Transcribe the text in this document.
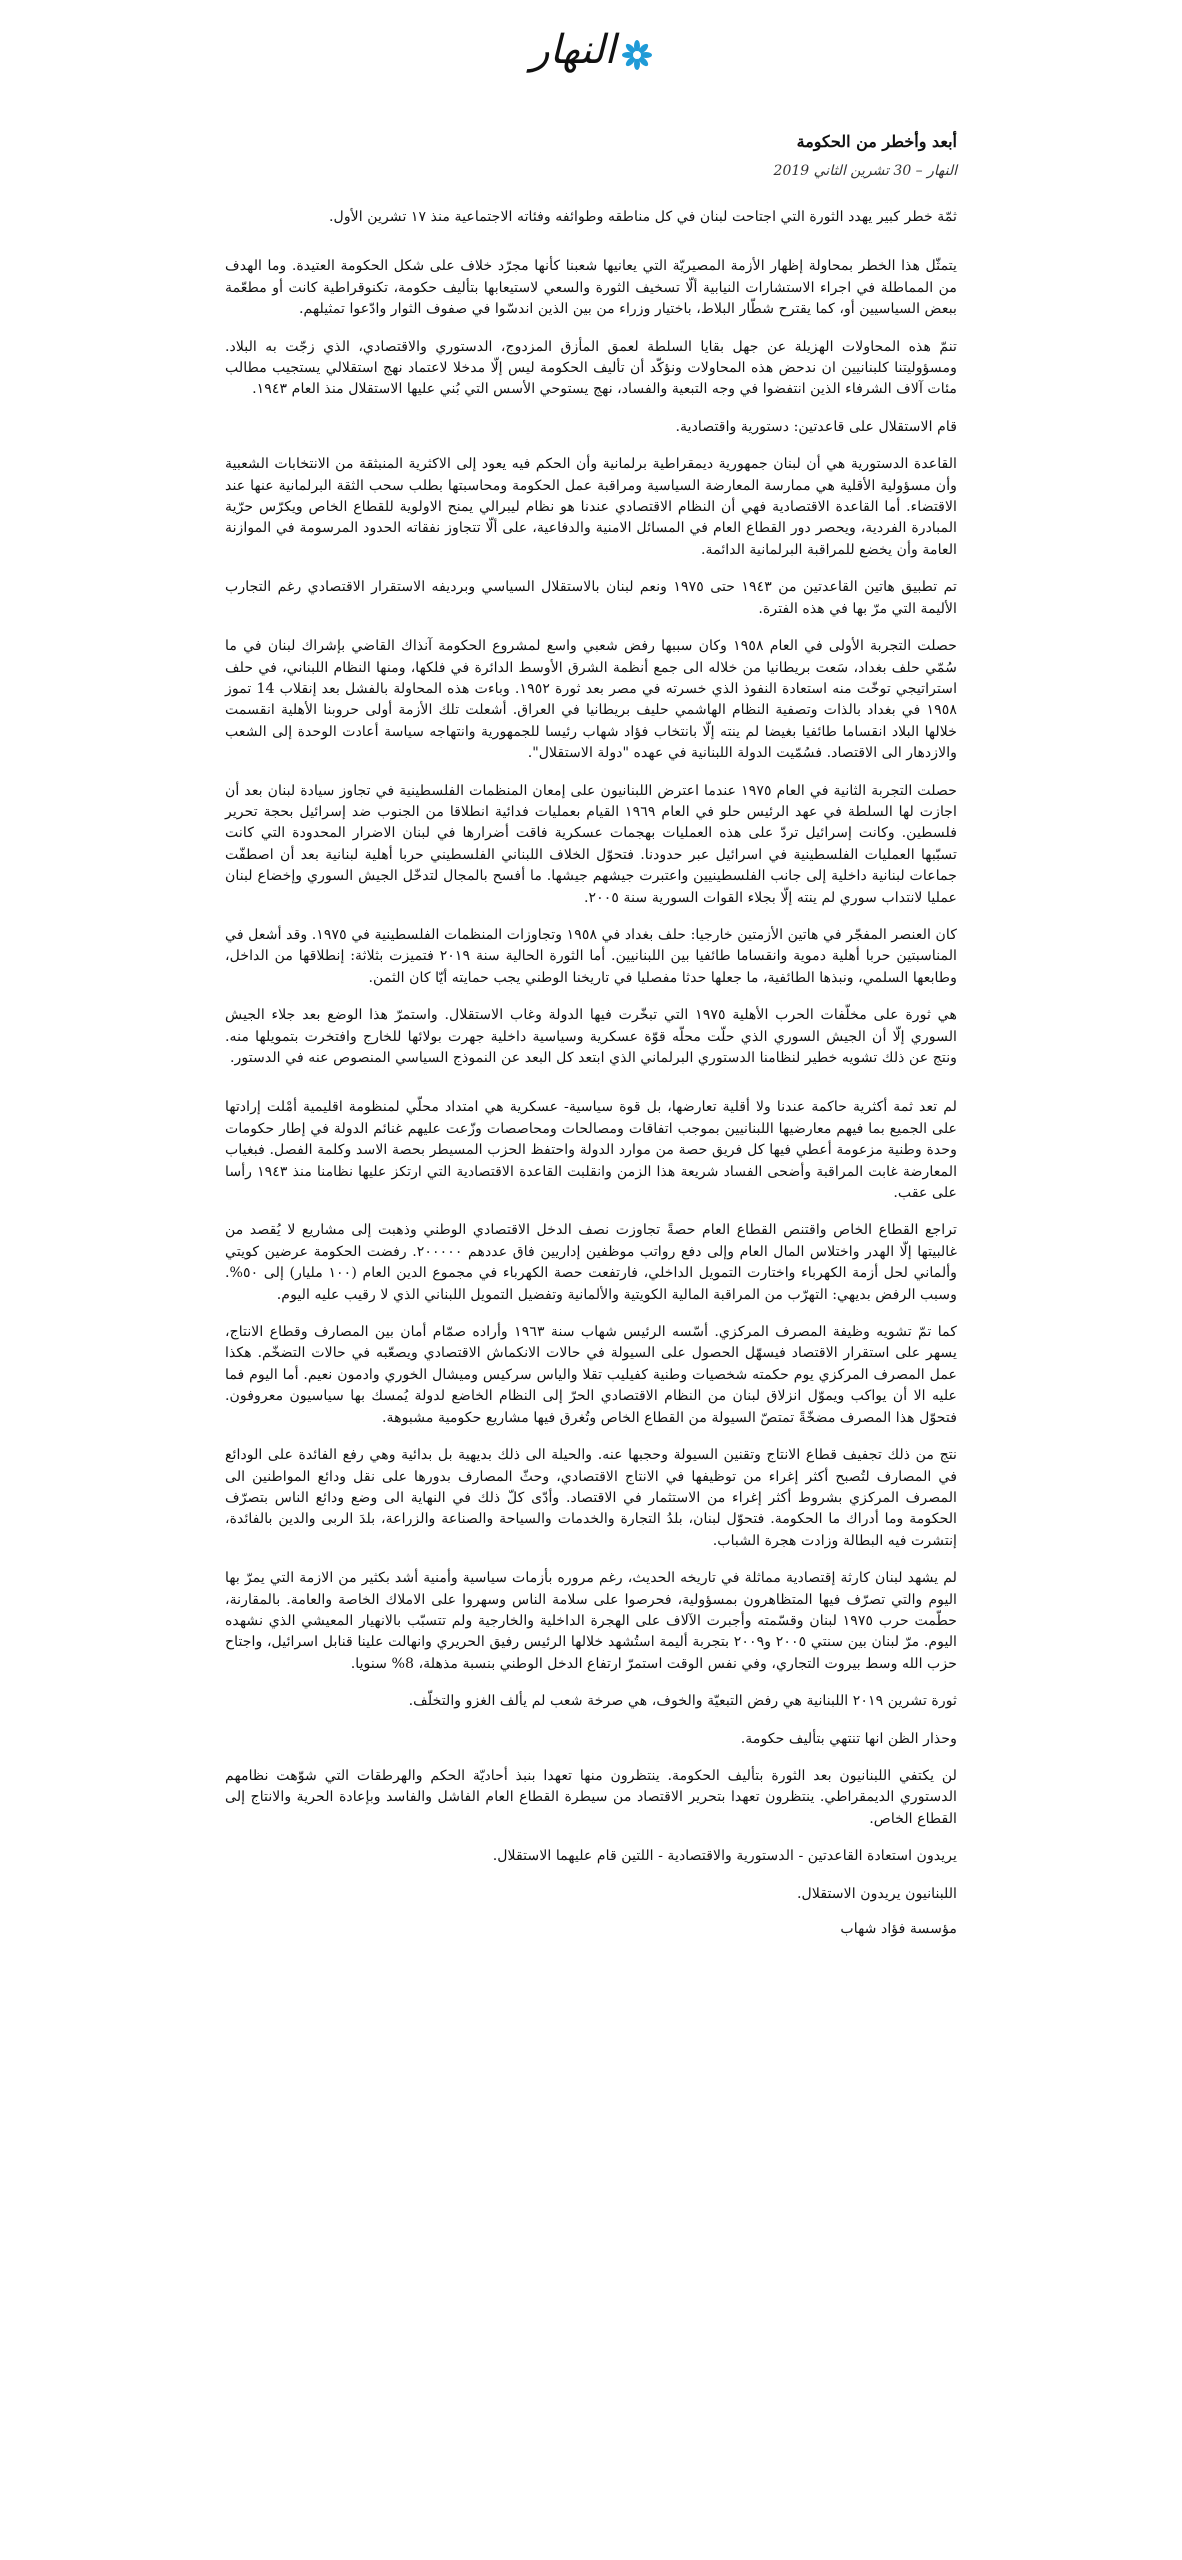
النهار
أبعد وأخطر من الحكومة
النهار – 30 تشرين الثاني 2019

ثمّة خطر كبير يهدد الثورة التي اجتاحت لبنان في كل مناطقه وطوائفه وفئاته الاجتماعية منذ ١٧ تشرين الأول.

يتمثّل هذا الخطر بمحاولة إظهار الأزمة المصيريّة التي يعانيها شعبنا كأنها مجرّد خلاف على شكل الحكومة العتيدة. وما الهدف من المماطلة في اجراء الاستشارات النيابية ألّا تسخيف الثورة والسعي لاستيعابها بتأليف حكومة، تكنوقراطية كانت أو مطعّمة ببعض السياسيين أو، كما يقترح شطّار البلاط، باختيار وزراء من بين الذين اندسّوا في صفوف الثوار وادّعوا تمثيلهم.

تنمّ هذه المحاولات الهزيلة عن جهل بقايا السلطة لعمق المأزق المزدوج، الدستوري والاقتصادي، الذي زجّت به البلاد. ومسؤوليتنا كلبنانيين ان ندحض هذه المحاولات ونؤكّد أن تأليف الحكومة ليس إلّا مدخلا لاعتماد نهج استقلالي يستجيب مطالب مئات آلاف الشرفاء الذين انتفضوا في وجه التبعية والفساد، نهج يستوحي الأسس التي بُني عليها الاستقلال منذ العام ١٩٤٣.

قام الاستقلال على قاعدتين: دستورية واقتصادية.

القاعدة الدستورية هي أن لبنان جمهورية ديمقراطية برلمانية وأن الحكم فيه يعود إلى الاكثرية المنبثقة من الانتخابات الشعبية وأن مسؤولية الأقلية هي ممارسة المعارضة السياسية ومراقبة عمل الحكومة ومحاسبتها بطلب سحب الثقة البرلمانية عنها عند الاقتضاء. أما القاعدة الاقتصادية فهي أن النظام الاقتصادي عندنا هو نظام ليبرالي يمنح الاولوية للقطاع الخاص ويكرّس حرّية المبادرة الفردية، ويحصر دور القطاع العام في المسائل الامنية والدفاعية، على ألّا تتجاوز نفقاته الحدود المرسومة في الموازنة العامة وأن يخضع للمراقبة البرلمانية الدائمة.

تم تطبيق هاتين القاعدتين من ١٩٤٣ حتى ١٩٧٥ ونعم لبنان بالاستقلال السياسي وبرديفه الاستقرار الاقتصادي رغم التجارب الأليمة التي مرّ بها في هذه الفترة.

حصلت التجربة الأولى في العام ١٩٥٨ وكان سببها رفض شعبي واسع لمشروع الحكومة آنذاك القاضي بإشراك لبنان في ما سُمّي حلف بغداد، سَعت بريطانيا من خلاله الى جمع أنظمة الشرق الأوسط الدائرة في فلكها، ومنها النظام اللبناني، في حلف استراتيجي توخّت منه استعادة النفوذ الذي خسرته في مصر بعد ثورة ١٩٥٢. وباءت هذه المحاولة بالفشل بعد إنقلاب 14 تموز ١٩٥٨ في بغداد بالذات وتصفية النظام الهاشمي حليف بريطانيا في العراق. أشعلت تلك الأزمة أولى حروبنا الأهلية انقسمت خلالها البلاد انقساما طائفيا بغيضا لم ينته إلّا بانتخاب فؤاد شهاب رئيسا للجمهورية وانتهاجه سياسة أعادت الوحدة إلى الشعب والازدهار الى الاقتصاد. فسُمّيت الدولة اللبنانية في عهده "دولة الاستقلال".

حصلت التجربة الثانية في العام ١٩٧٥ عندما اعترض اللبنانيون على إمعان المنظمات الفلسطينية في تجاوز سيادة لبنان بعد أن اجازت لها السلطة في عهد الرئيس حلو في العام ١٩٦٩ القيام بعمليات فدائية انطلاقا من الجنوب ضد إسرائيل بحجة تحرير فلسطين. وكانت إسرائيل تردّ على هذه العمليات بهجمات عسكرية فاقت أضرارها في لبنان الاضرار المحدودة التي كانت تسبّبها العمليات الفلسطينية في اسرائيل عبر حدودنا. فتحوّل الخلاف اللبناني الفلسطيني حربا أهلية لبنانية بعد أن اصطفّت جماعات لبنانية داخلية إلى جانب الفلسطينيين واعتبرت جيشهم جيشها. ما أفسح بالمجال لتدخّل الجيش السوري وإخضاع لبنان عمليا لانتداب سوري لم ينته إلّا بجلاء القوات السورية سنة ٢٠٠٥.

كان العنصر المفجّر في هاتين الأزمتين خارجيا: حلف بغداد في ١٩٥٨ وتجاوزات المنظمات الفلسطينية في ١٩٧٥. وقد أشعل في المناسبتين حربا أهلية دموية وانقساما طائفيا بين اللبنانيين. أما الثورة الحالية سنة ٢٠١٩ فتميزت بثلاثة: إنطلاقها من الداخل، وطابعها السلمي، ونبذها الطائفية، ما جعلها حدثا مفصليا في تاريخنا الوطني يجب حمايته أيّا كان الثمن.

هي ثورة على مخلّفات الحرب الأهلية ١٩٧٥ التي تبخّرت فيها الدولة وغاب الاستقلال. واستمرّ هذا الوضع بعد جلاء الجيش السوري إلّا أن الجيش السوري الذي حلّت محلّه قوّة عسكرية وسياسية داخلية جهرت بولائها للخارج وافتخرت بتمويلها منه. ونتج عن ذلك تشويه خطير لنظامنا الدستوري البرلماني الذي ابتعد كل البعد عن النموذج السياسي المنصوص عنه في الدستور.

لم تعد ثمة أكثرية حاكمة عندنا ولا أقلية تعارضها، بل قوة سياسية- عسكرية هي امتداد محلّي لمنظومة اقليمية أمْلت إرادتها على الجميع بما فيهم معارضيها اللبنانيين بموجب اتفاقات ومصالحات ومحاصصات وزّعت عليهم غنائم الدولة في إطار حكومات وحدة وطنية مزعومة أعطي فيها كل فريق حصة من موارد الدولة واحتفظ الحزب المسيطر بحصة الاسد وكلمة الفصل. فبغياب المعارضة غابت المراقبة وأضحى الفساد شريعة هذا الزمن وانقلبت القاعدة الاقتصادية التي ارتكز عليها نظامنا منذ ١٩٤٣ رأسا على عقب.

تراجع القطاع الخاص واقتنص القطاع العام حصةً تجاوزت نصف الدخل الاقتصادي الوطني وذهبت إلى مشاريع لا يُقصد من غالبيتها إلّا الهدر واختلاس المال العام وإلى دفع رواتب موظفين إداريين فاق عددهم ٢٠٠٠٠٠. رفضت الحكومة عرضين كويتي وألماني لحل أزمة الكهرباء واختارت التمويل الداخلي، فارتفعت حصة الكهرباء في مجموع الدين العام (١٠٠ مليار) إلى ٥٠%. وسبب الرفض بديهي: التهرّب من المراقبة المالية الكويتية والألمانية وتفضيل التمويل اللبناني الذي لا رقيب عليه اليوم.

كما تمّ تشويه وظيفة المصرف المركزي. أسّسه الرئيس شهاب سنة ١٩٦٣ وأراده صمّام أمان بين المصارف وقطاع الانتاج، يسهر على استقرار الاقتصاد فيسهّل الحصول على السيولة في حالات الانكماش الاقتصادي ويصعّبه في حالات التضخّم. هكذا عمل المصرف المركزي يوم حكمته شخصيات وطنية كفيليب تقلا والياس سركيس وميشال الخوري وادمون نعيم. أما اليوم فما عليه الا أن يواكب ويموّل انزلاق لبنان من النظام الاقتصادي الحرّ إلى النظام الخاضع لدولة يُمسك بها سياسيون معروفون. فتحوّل هذا المصرف مضخّةً تمتصّ السيولة من القطاع الخاص وتُغرق فيها مشاريع حكومية مشبوهة.

نتج من ذلك تجفيف قطاع الانتاج وتقنين السيولة وحجبها عنه. والحيلة الى ذلك بديهية بل بدائية وهي رفع الفائدة على الودائع في المصارف لتُصبح أكثر إغراء من توظيفها في الانتاج الاقتصادي، وحثّ المصارف بدورها على نقل ودائع المواطنين الى المصرف المركزي بشروط أكثر إغراء من الاستثمار في الاقتصاد. وأدّى كلّ ذلك في النهاية الى وضع ودائع الناس بتصرّف الحكومة وما أدراك ما الحكومة. فتحوّل لبنان، بلدُ التجارة والخدمات والسياحة والصناعة والزراعة، بلدَ الربى والدين بالفائدة، إنتشرت فيه البطالة وزادت هجرة الشباب.

لم يشهد لبنان كارثة إقتصادية مماثلة في تاريخه الحديث، رغم مروره بأزمات سياسية وأمنية أشد بكثير من الازمة التي يمرّ بها اليوم والتي تصرّف فيها المتظاهرون بمسؤولية، فحرصوا على سلامة الناس وسهروا على الاملاك الخاصة والعامة. بالمقارنة، حطّمت حرب ١٩٧٥ لبنان وقسّمته وأجبرت الآلاف على الهجرة الداخلية والخارجية ولم تتسبّب بالانهيار المعيشي الذي نشهده اليوم. مرّ لبنان بين سنتي ٢٠٠٥ و٢٠٠٩ بتجربة أليمة استُشهد خلالها الرئيس رفيق الحريري وانهالت علينا قنابل اسرائيل، واجتاح حزب الله وسط بيروت التجاري، وفي نفس الوقت استمرّ ارتفاع الدخل الوطني بنسبة مذهلة، 8% سنويا.

ثورة تشرين ٢٠١٩ اللبنانية هي رفض التبعيّة والخوف، هي صرخة شعب لم يألف الغزو والتخلّف.

وحذار الظن انها تنتهي بتأليف حكومة.

لن يكتفي اللبنانيون بعد الثورة بتأليف الحكومة. ينتظرون منها تعهدا بنبذ أحاديّة الحكم والهرطقات التي شوّهت نظامهم الدستوري الديمقراطي. ينتظرون تعهدا بتحرير الاقتصاد من سيطرة القطاع العام الفاشل والفاسد وبإعادة الحرية والانتاج إلى القطاع الخاص.

يريدون استعادة القاعدتين - الدستورية والاقتصادية - اللتين قام عليهما الاستقلال.

اللبنانيون يريدون الاستقلال.

مؤسسة فؤاد شهاب
